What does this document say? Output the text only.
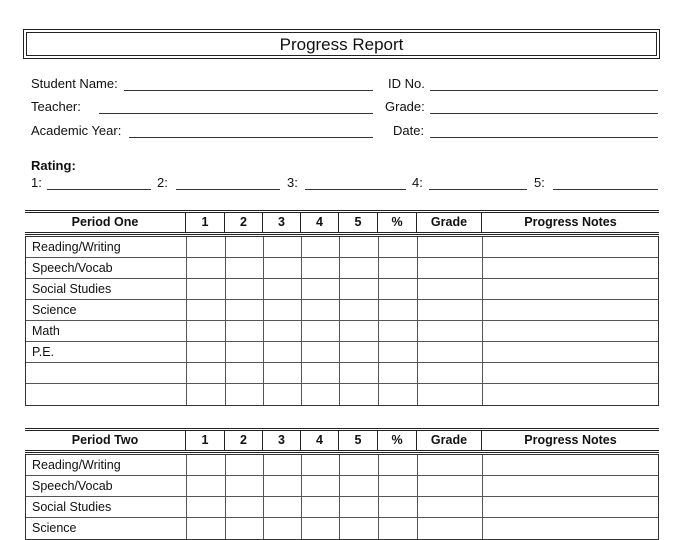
Progress Report
Student Name:	ID No.
Teacher:	Grade:
Academic Year:	Date:
Rating:
1:	2:	3:	4:	5:
Period One	1	2	3	4	5	%	Grade	Progress Notes
Reading/Writing
Speech/Vocab
Social Studies
Science
Math
P.E.
Period Two	1	2	3	4	5	%	Grade	Progress Notes
Reading/Writing
Speech/Vocab
Social Studies
Science
